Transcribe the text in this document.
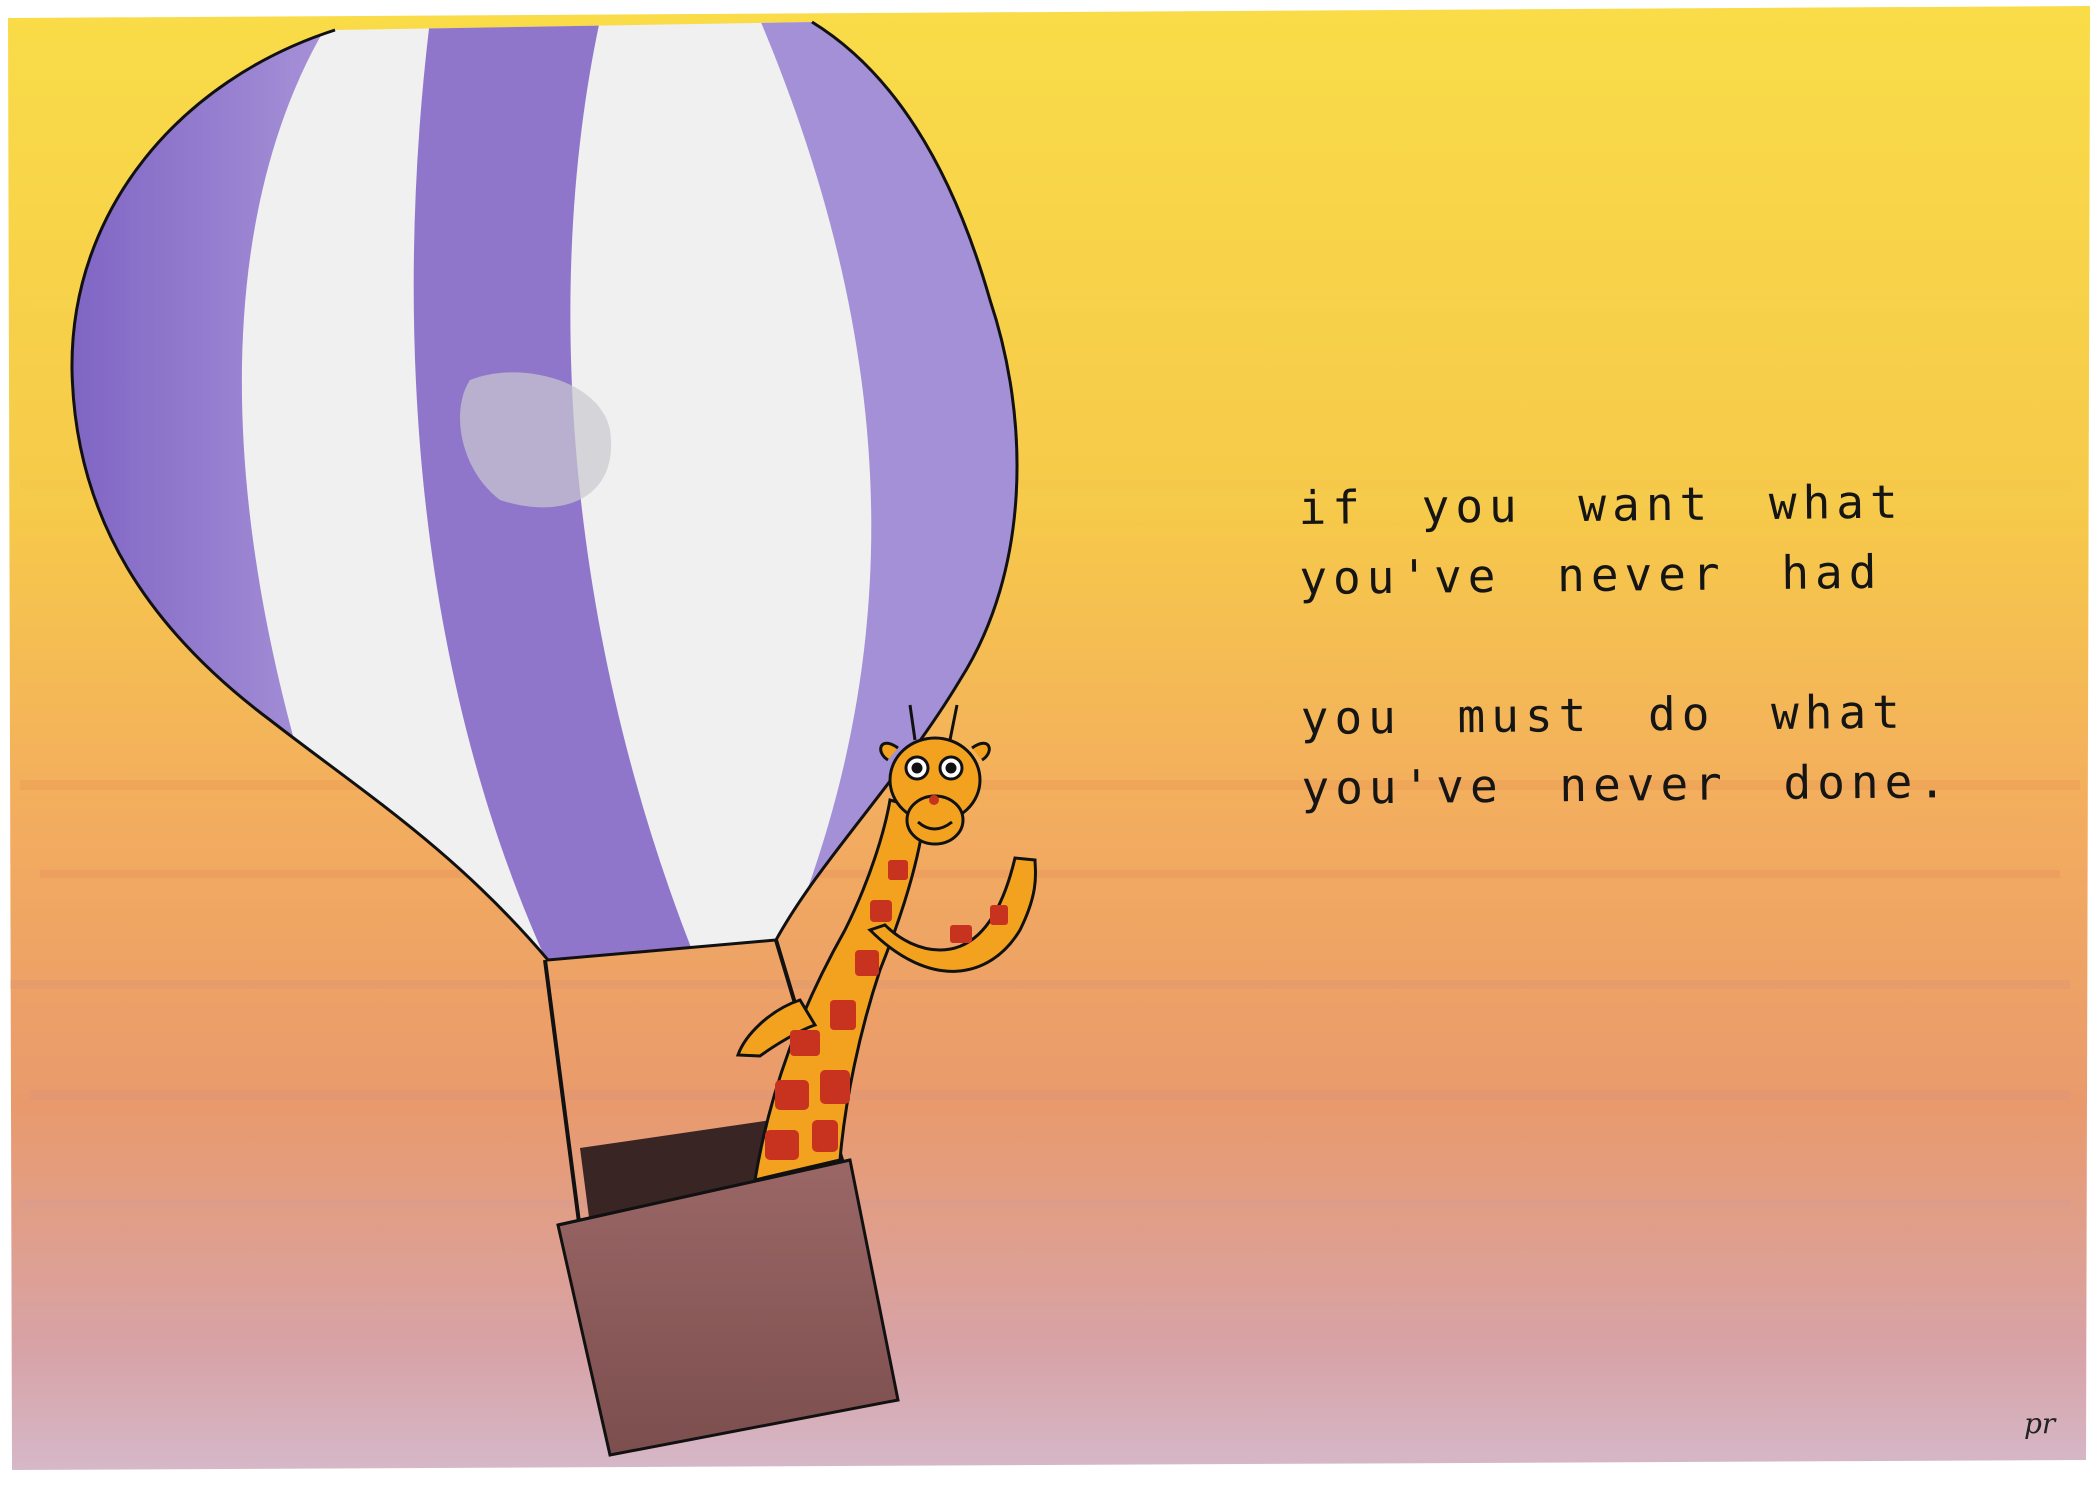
if you want what
you've never had
you must do what
you've never done.
pr
